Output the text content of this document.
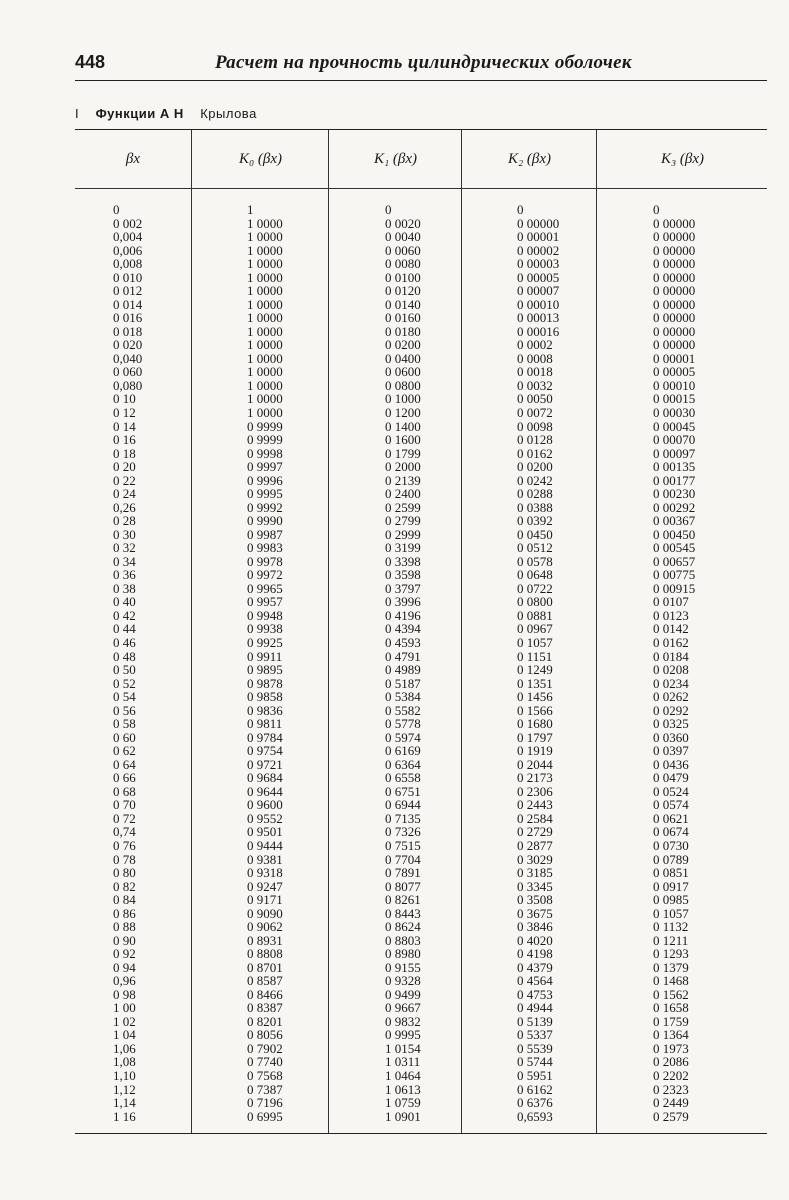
448	Расчет на прочность цилиндрических оболочек
I Функции А Н Крылова
βx
0
0 002
0,004
0,006
0,008
0 010
0 012
0 014
0 016
0 018
0 020
0,040
0 060
0,080
0 10
0 12
0 14
0 16
0 18
0 20
0 22
0 24
0,26
0 28
0 30
0 32
0 34
0 36
0 38
0 40
0 42
0 44
0 46
0 48
0 50
0 52
0 54
0 56
0 58
0 60
0 62
0 64
0 66
0 68
0 70
0 72
0,74
0 76
0 78
0 80
0 82
0 84
0 86
0 88
0 90
0 92
0 94
0,96
0 98
1 00
1 02
1 04
1,06
1,08
1,10
1,12
1,14
1 16
K₀ (βx)
1
1 0000
1 0000
1 0000
1 0000
1 0000
1 0000
1 0000
1 0000
1 0000
1 0000
1 0000
1 0000
1 0000
1 0000
1 0000
0 9999
0 9999
0 9998
0 9997
0 9996
0 9995
0 9992
0 9990
0 9987
0 9983
0 9978
0 9972
0 9965
0 9957
0 9948
0 9938
0 9925
0 9911
0 9895
0 9878
0 9858
0 9836
0 9811
0 9784
0 9754
0 9721
0 9684
0 9644
0 9600
0 9552
0 9501
0 9444
0 9381
0 9318
0 9247
0 9171
0 9090
0 9062
0 8931
0 8808
0 8701
0 8587
0 8466
0 8387
0 8201
0 8056
0 7902
0 7740
0 7568
0 7387
0 7196
0 6995
K₁ (βx)
0
0 0020
0 0040
0 0060
0 0080
0 0100
0 0120
0 0140
0 0160
0 0180
0 0200
0 0400
0 0600
0 0800
0 1000
0 1200
0 1400
0 1600
0 1799
0 2000
0 2139
0 2400
0 2599
0 2799
0 2999
0 3199
0 3398
0 3598
0 3797
0 3996
0 4196
0 4394
0 4593
0 4791
0 4989
0 5187
0 5384
0 5582
0 5778
0 5974
0 6169
0 6364
0 6558
0 6751
0 6944
0 7135
0 7326
0 7515
0 7704
0 7891
0 8077
0 8261
0 8443
0 8624
0 8803
0 8980
0 9155
0 9328
0 9499
0 9667
0 9832
0 9995
1 0154
1 0311
1 0464
1 0613
1 0759
1 0901
K₂ (βx)
0
0 00000
0 00001
0 00002
0 00003
0 00005
0 00007
0 00010
0 00013
0 00016
0 0002
0 0008
0 0018
0 0032
0 0050
0 0072
0 0098
0 0128
0 0162
0 0200
0 0242
0 0288
0 0388
0 0392
0 0450
0 0512
0 0578
0 0648
0 0722
0 0800
0 0881
0 0967
0 1057
0 1151
0 1249
0 1351
0 1456
0 1566
0 1680
0 1797
0 1919
0 2044
0 2173
0 2306
0 2443
0 2584
0 2729
0 2877
0 3029
0 3185
0 3345
0 3508
0 3675
0 3846
0 4020
0 4198
0 4379
0 4564
0 4753
0 4944
0 5139
0 5337
0 5539
0 5744
0 5951
0 6162
0 6376
0,6593
K₃ (βx)
0
0 00000
0 00000
0 00000
0 00000
0 00000
0 00000
0 00000
0 00000
0 00000
0 00000
0 00001
0 00005
0 00010
0 00015
0 00030
0 00045
0 00070
0 00097
0 00135
0 00177
0 00230
0 00292
0 00367
0 00450
0 00545
0 00657
0 00775
0 00915
0 0107
0 0123
0 0142
0 0162
0 0184
0 0208
0 0234
0 0262
0 0292
0 0325
0 0360
0 0397
0 0436
0 0479
0 0524
0 0574
0 0621
0 0674
0 0730
0 0789
0 0851
0 0917
0 0985
0 1057
0 1132
0 1211
0 1293
0 1379
0 1468
0 1562
0 1658
0 1759
0 1364
0 1973
0 2086
0 2202
0 2323
0 2449
0 2579
